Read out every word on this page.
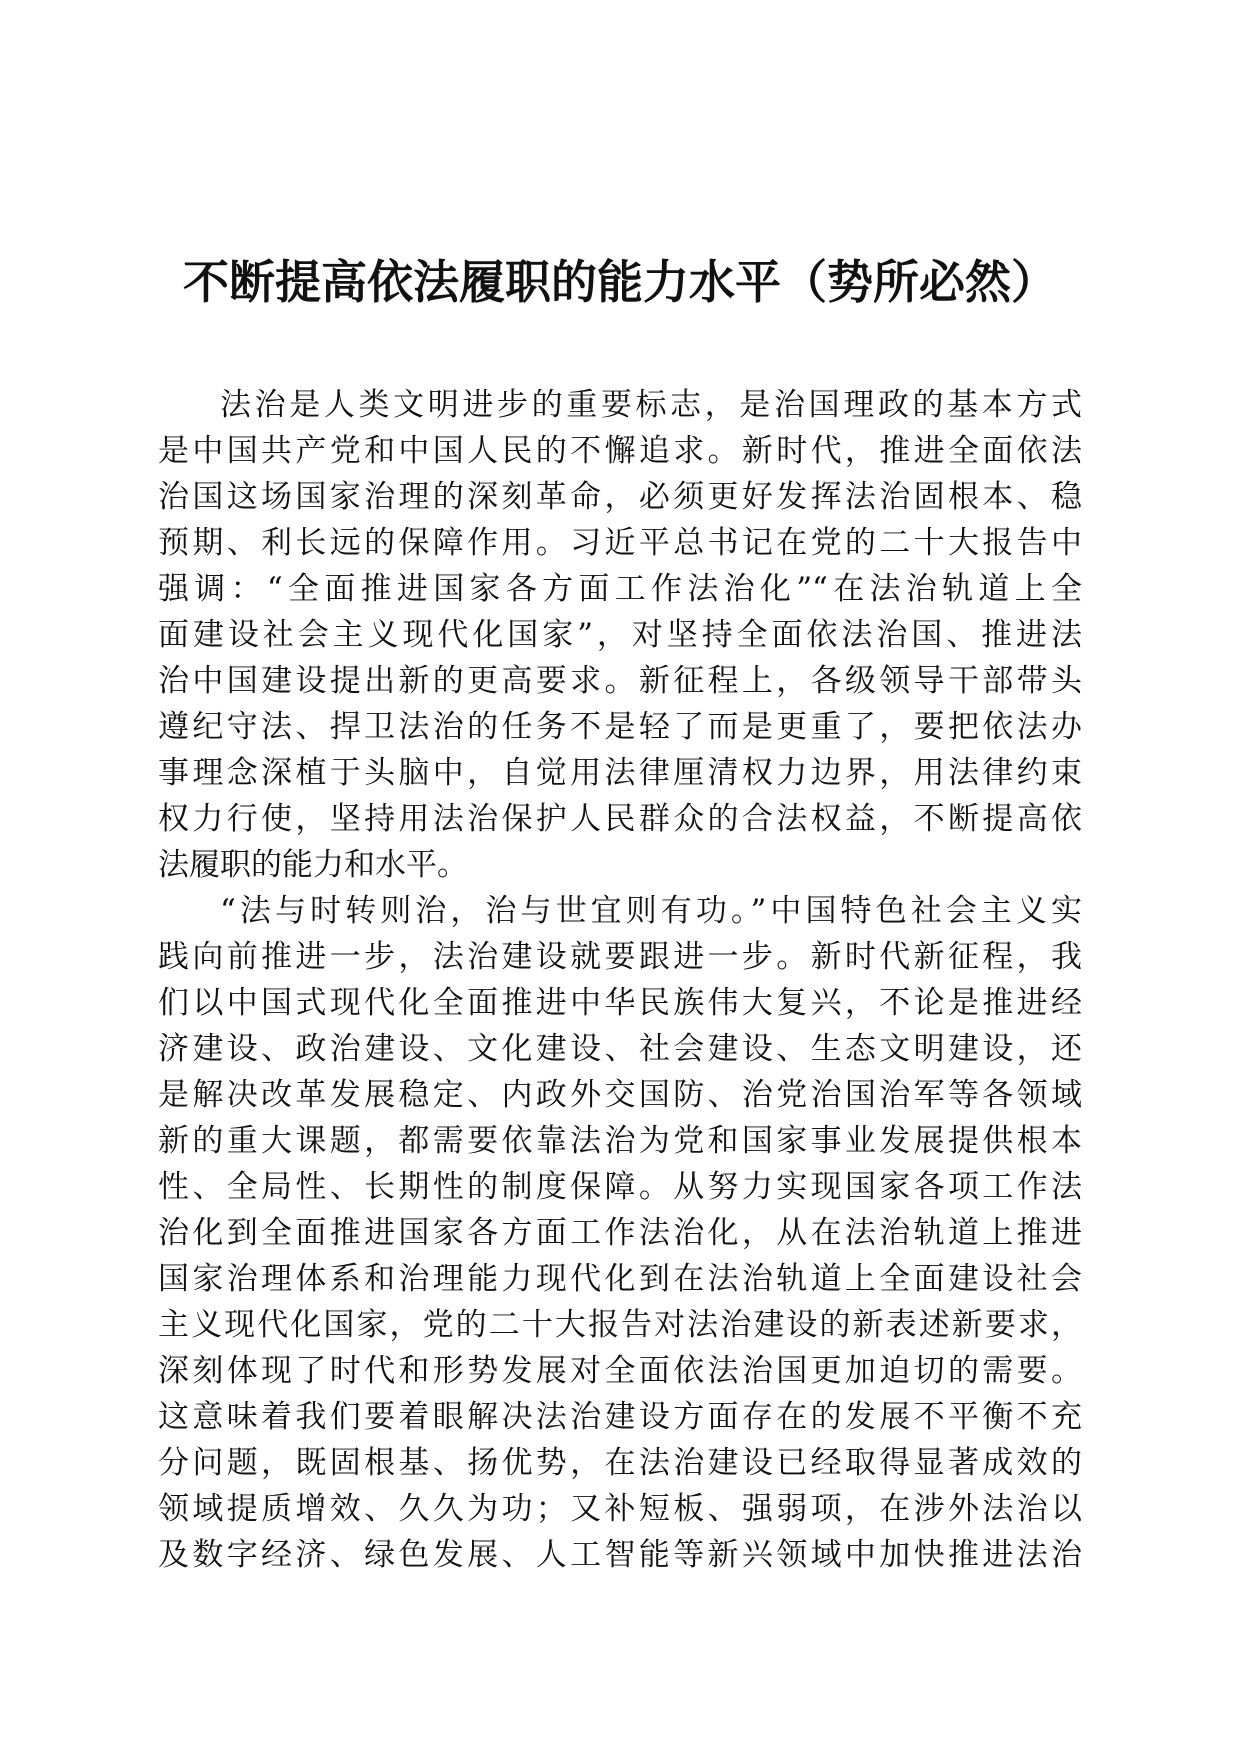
不断提高依法履职的能力水平（势所必然）
法治是人类文明进步的重要标志，是治国理政的基本方式
是中国共产党和中国人民的不懈追求。新时代，推进全面依法
治国这场国家治理的深刻革命，必须更好发挥法治固根本、稳
预期、利长远的保障作用。习近平总书记在党的二十大报告中
强调：“全面推进国家各方面工作法治化”“在法治轨道上全
面建设社会主义现代化国家”，对坚持全面依法治国、推进法
治中国建设提出新的更高要求。新征程上，各级领导干部带头
遵纪守法、捍卫法治的任务不是轻了而是更重了，要把依法办
事理念深植于头脑中，自觉用法律厘清权力边界，用法律约束
权力行使，坚持用法治保护人民群众的合法权益，不断提高依
法履职的能力和水平。
“法与时转则治，治与世宜则有功。”中国特色社会主义实
践向前推进一步，法治建设就要跟进一步。新时代新征程，我
们以中国式现代化全面推进中华民族伟大复兴，不论是推进经
济建设、政治建设、文化建设、社会建设、生态文明建设，还
是解决改革发展稳定、内政外交国防、治党治国治军等各领域
新的重大课题，都需要依靠法治为党和国家事业发展提供根本
性、全局性、长期性的制度保障。从努力实现国家各项工作法
治化到全面推进国家各方面工作法治化，从在法治轨道上推进
国家治理体系和治理能力现代化到在法治轨道上全面建设社会
主义现代化国家，党的二十大报告对法治建设的新表述新要求，
深刻体现了时代和形势发展对全面依法治国更加迫切的需要。
这意味着我们要着眼解决法治建设方面存在的发展不平衡不充
分问题，既固根基、扬优势，在法治建设已经取得显著成效的
领域提质增效、久久为功；又补短板、强弱项，在涉外法治以
及数字经济、绿色发展、人工智能等新兴领域中加快推进法治
